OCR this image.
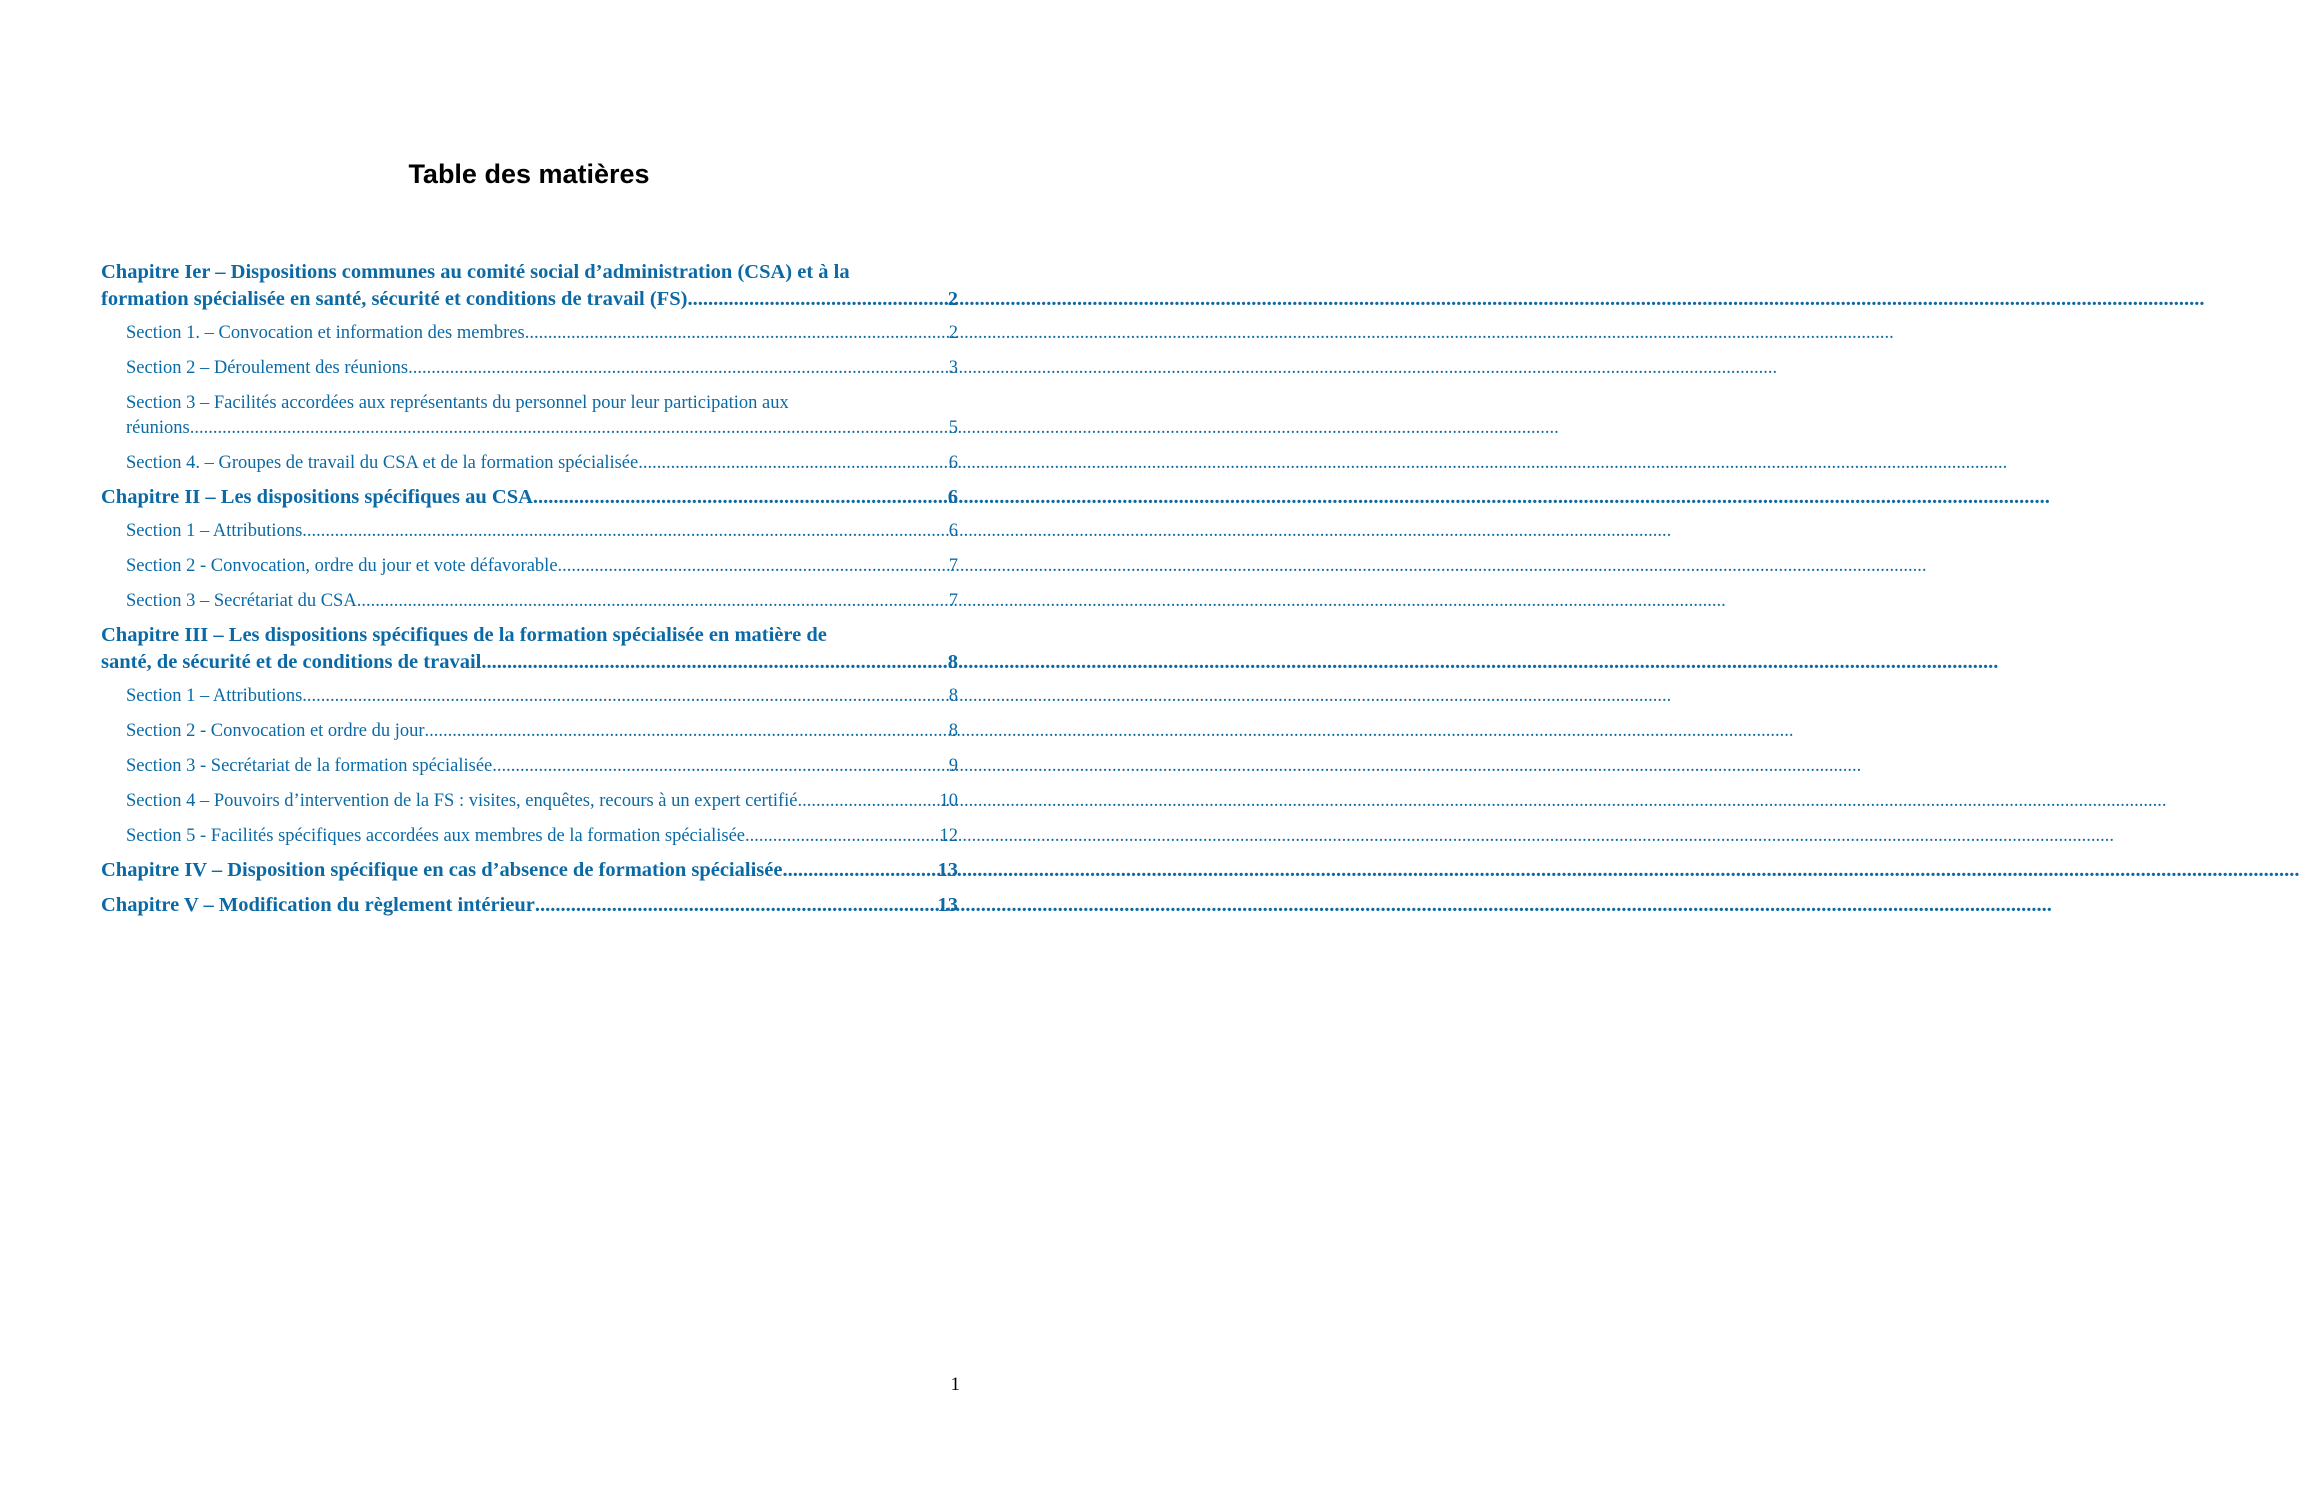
Table des matières
Chapitre Ier – Dispositions communes au comité social d’administration (CSA) et à la
formation spécialisée en santé, sécurité et conditions de travail (FS) .....	2
Section 1. – Convocation et information des membres .....	2
Section 2 – Déroulement des réunions .....	3
Section 3 – Facilités accordées aux représentants du personnel pour leur participation aux
réunions .....	5
Section 4. – Groupes de travail du CSA et de la formation spécialisée .....	6
Chapitre II – Les dispositions spécifiques au CSA .....	6
Section 1 – Attributions .....	6
Section 2 - Convocation, ordre du jour et vote défavorable .....	7
Section 3 – Secrétariat du CSA .....	7
Chapitre III – Les dispositions spécifiques de la formation spécialisée en matière de
santé, de sécurité et de conditions de travail .....	8
Section 1 – Attributions .....	8
Section 2 - Convocation et ordre du jour .....	8
Section 3 - Secrétariat de la formation spécialisée .....	9
Section 4 – Pouvoirs d’intervention de la FS : visites, enquêtes, recours à un expert certifié .....	10
Section 5 - Facilités spécifiques accordées aux membres de la formation spécialisée .....	12
Chapitre IV – Disposition spécifique en cas d’absence de formation spécialisée .....	13
Chapitre V – Modification du règlement intérieur .....	13
1
